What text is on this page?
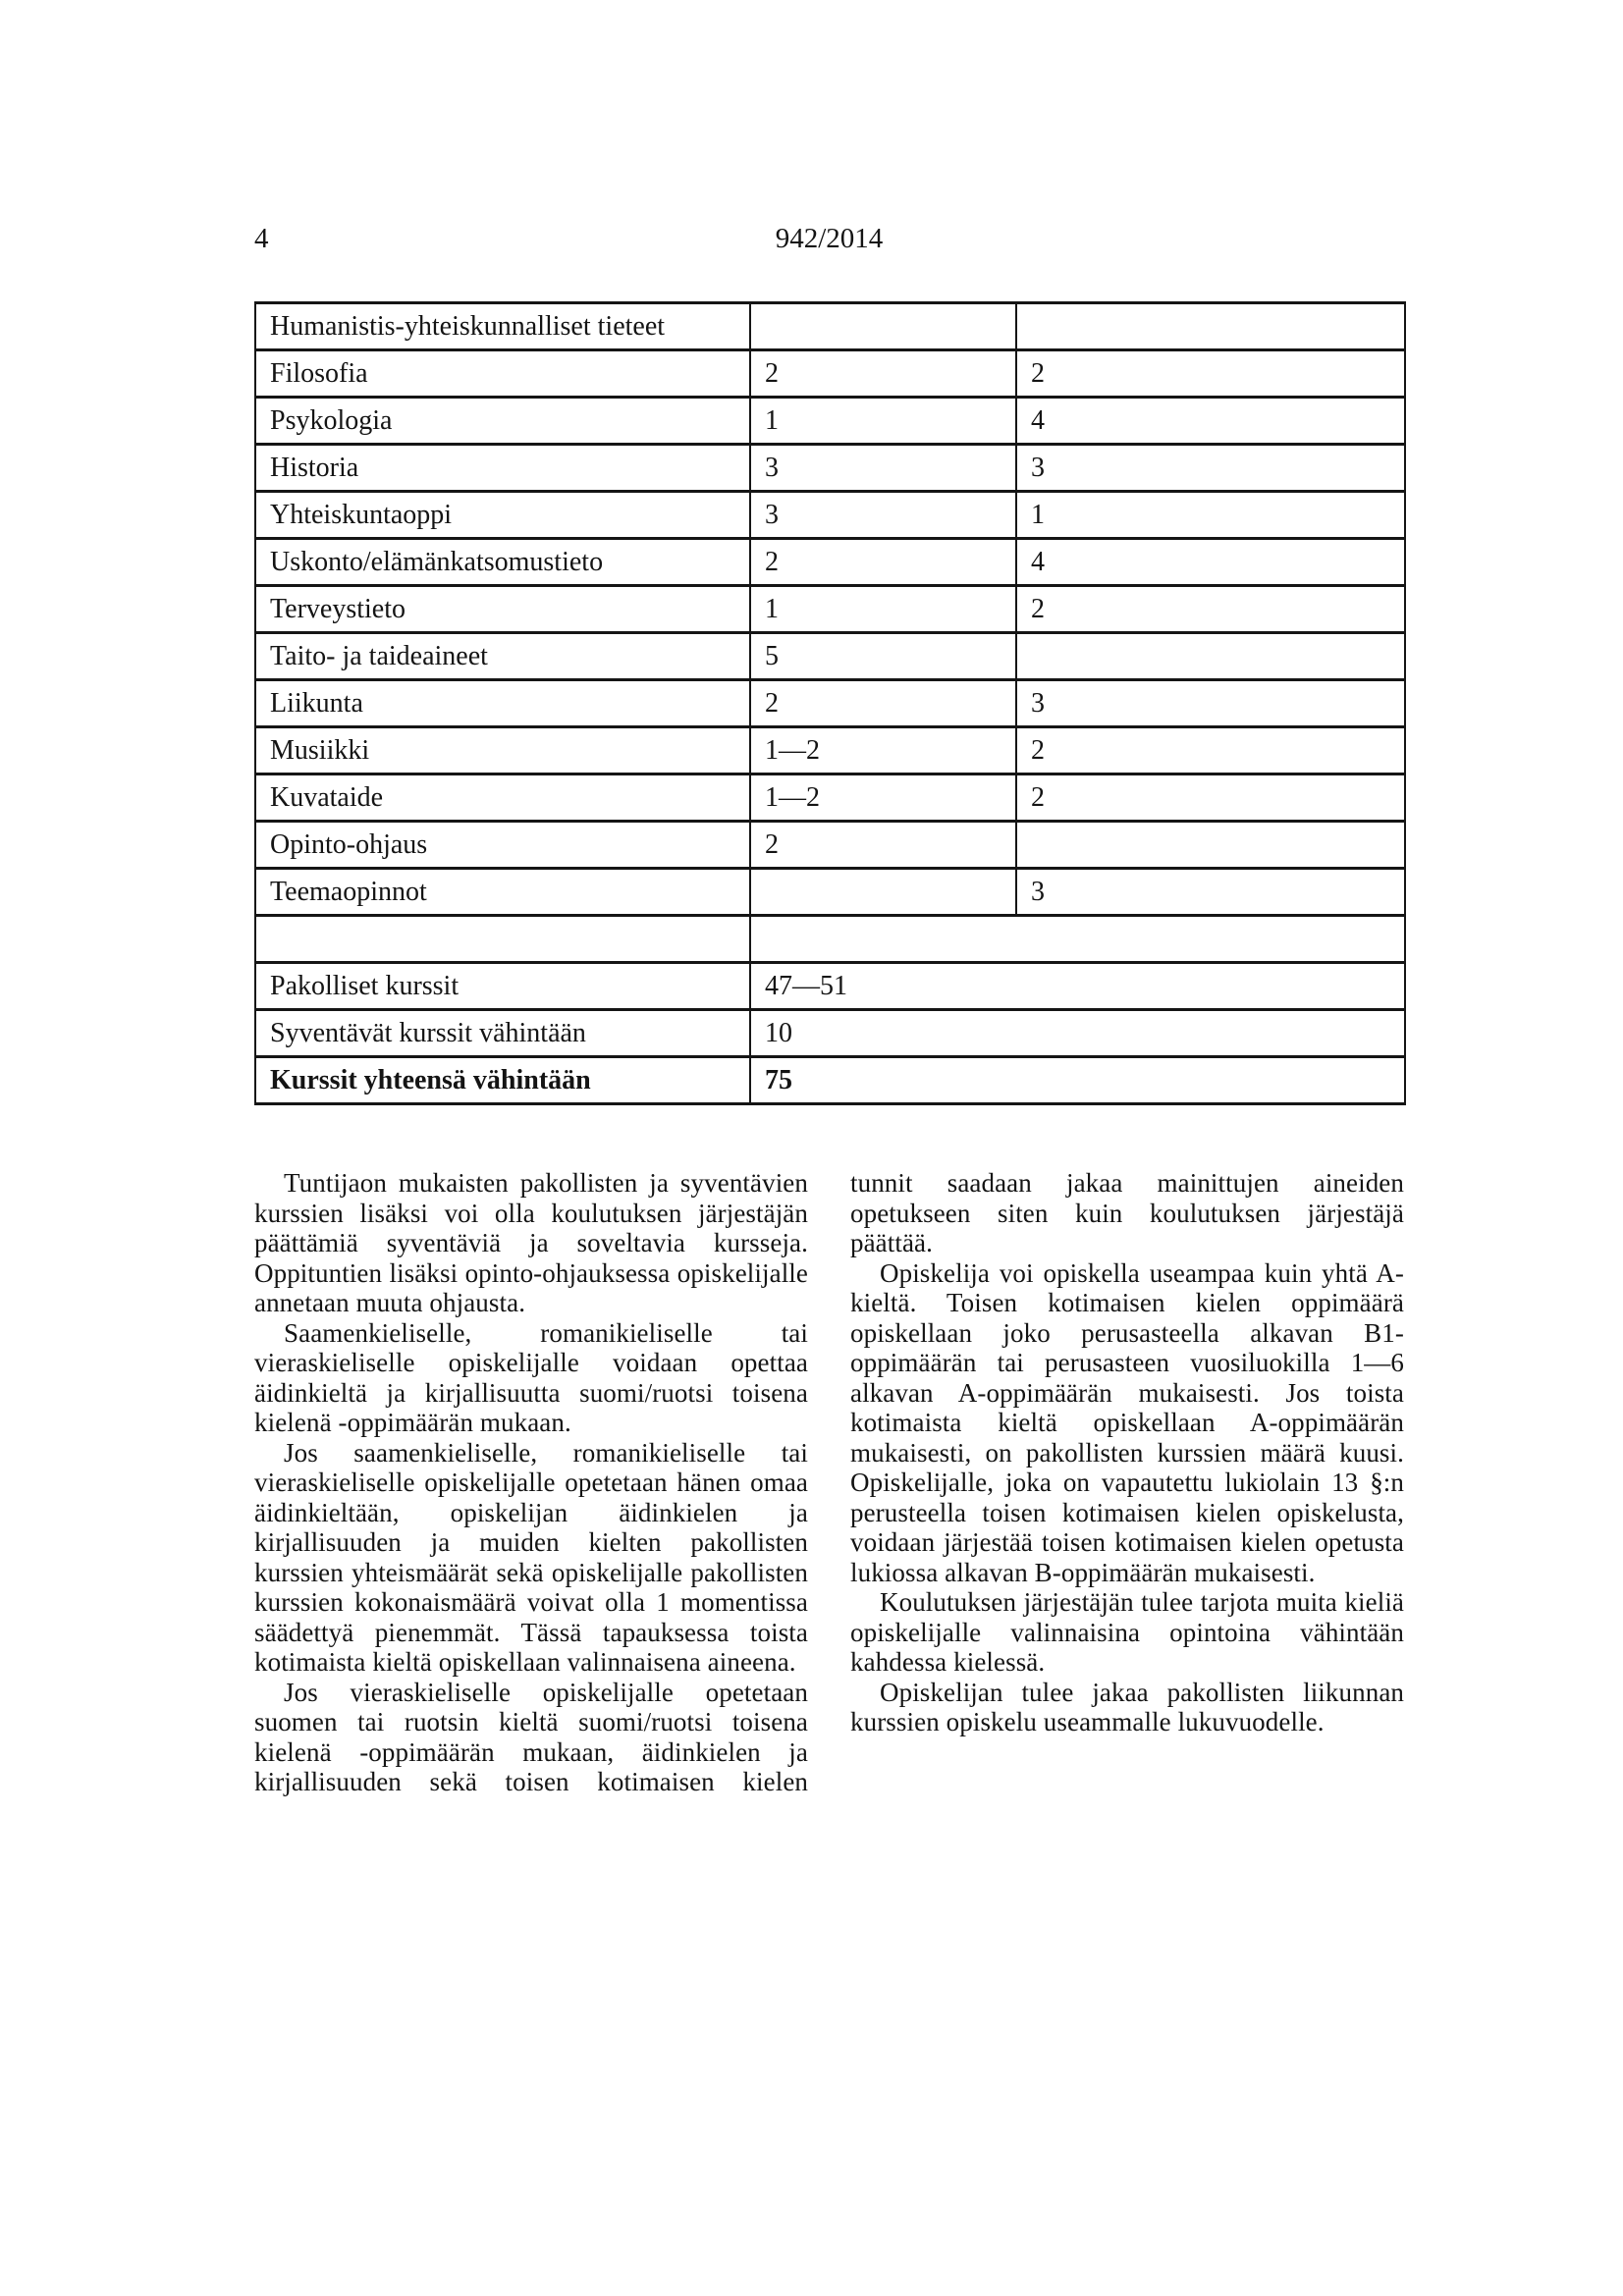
4	942/2014
Humanistis-yhteiskunnalliset tieteet		
Filosofia	2	2
Psykologia	1	4
Historia	3	3
Yhteiskuntaoppi	3	1
Uskonto/elämänkatsomustieto	2	4
Terveystieto	1	2
Taito- ja taideaineet	5	
Liikunta	2	3
Musiikki	1—2	2
Kuvataide	1—2	2
Opinto-ohjaus	2	
Teemaopinnot		3

Pakolliset kurssit	47—51	
Syventävät kurssit vähintään	10	
Kurssit yhteensä vähintään	75	

Tuntijaon mukaisten pakollisten ja syventävien kurssien lisäksi voi olla koulutuksen järjestäjän päättämiä syventäviä ja soveltavia kursseja. Oppituntien lisäksi opinto-ohjauksessa opiskelijalle annetaan muuta ohjausta.

Saamenkieliselle, romanikieliselle tai vieraskieliselle opiskelijalle voidaan opettaa äidinkieltä ja kirjallisuutta suomi/ruotsi toisena kielenä -oppimäärän mukaan.

Jos saamenkieliselle, romanikieliselle tai vieraskieliselle opiskelijalle opetetaan hänen omaa äidinkieltään, opiskelijan äidinkielen ja kirjallisuuden ja muiden kielten pakollisten kurssien yhteismäärät sekä opiskelijalle pakollisten kurssien kokonaismäärä voivat olla 1 momentissa säädettyä pienemmät. Tässä tapauksessa toista kotimaista kieltä opiskellaan valinnaisena aineena.

Jos vieraskieliselle opiskelijalle opetetaan suomen tai ruotsin kieltä suomi/ruotsi toisena kielenä -oppimäärän mukaan, äidinkielen ja kirjallisuuden sekä toisen kotimaisen kielen

tunnit saadaan jakaa mainittujen aineiden opetukseen siten kuin koulutuksen järjestäjä päättää.

Opiskelija voi opiskella useampaa kuin yhtä A-kieltä. Toisen kotimaisen kielen oppimäärä opiskellaan joko perusasteella alkavan B1-oppimäärän tai perusasteen vuosiluokilla 1—6 alkavan A-oppimäärän mukaisesti. Jos toista kotimaista kieltä opiskellaan A-oppimäärän mukaisesti, on pakollisten kurssien määrä kuusi. Opiskelijalle, joka on vapautettu lukiolain 13 §:n perusteella toisen kotimaisen kielen opiskelusta, voidaan järjestää toisen kotimaisen kielen opetusta lukiossa alkavan B-oppimäärän mukaisesti.

Koulutuksen järjestäjän tulee tarjota muita kieliä opiskelijalle valinnaisina opintoina vähintään kahdessa kielessä.

Opiskelijan tulee jakaa pakollisten liikunnan kurssien opiskelu useammalle lukuvuodelle.
